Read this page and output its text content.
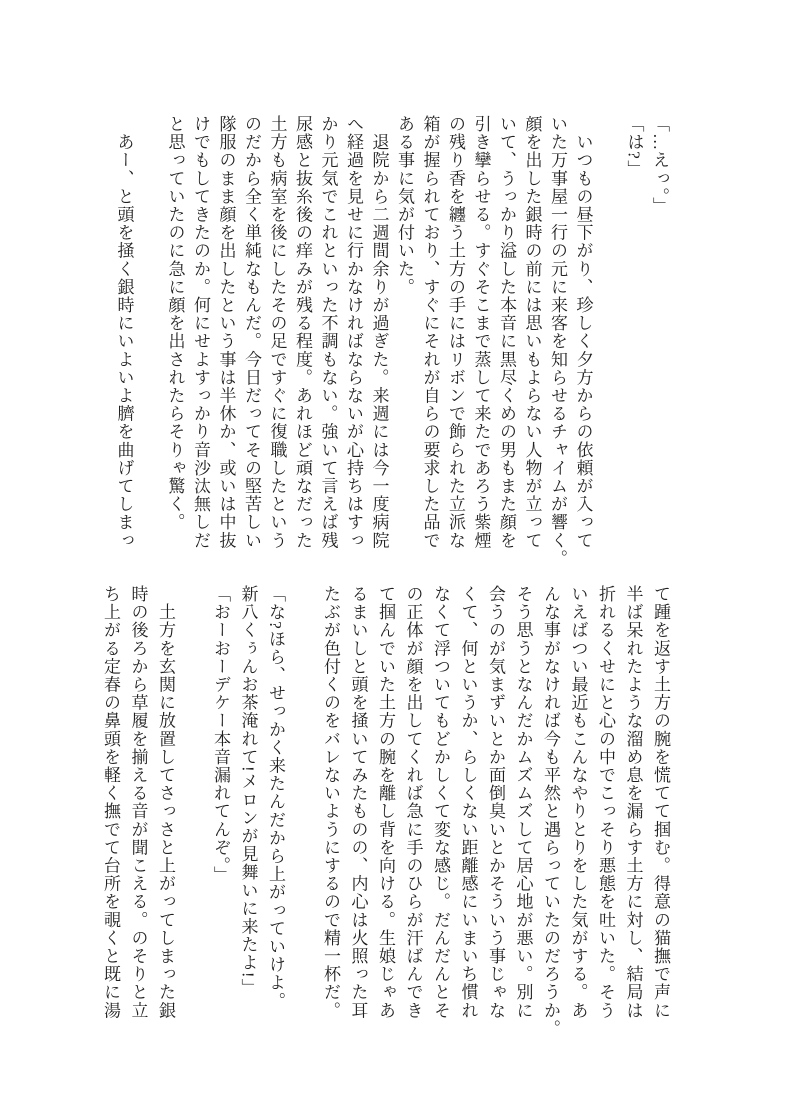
「…えっ。」

「は?」

　いつもの昼下がり、珍しく夕方からの依頼が入って

いた万事屋一行の元に来客を知らせるチャイムが響く。

顔を出した銀時の前には思いもよらない人物が立って

いて、うっかり溢した本音に黒尽くめの男もまた顔を

引き攣らせる。すぐそこまで蒸して来たであろう紫煙

の残り香を纏う土方の手にはリボンで飾られた立派な

箱が握られており、すぐにそれが自らの要求した品で

ある事に気が付いた。

　退院から二週間余りが過ぎた。来週には今一度病院

へ経過を見せに行かなければならないが心持ちはすっ

かり元気でこれといった不調もない。強いて言えば残

尿感と抜糸後の痒みが残る程度。あれほど頑なだった

土方も病室を後にしたその足ですぐに復職したという

のだから全く単純なもんだ。今日だってその堅苦しい

隊服のまま顔を出したという事は半休か、或いは中抜

けでもしてきたのか。何にせよすっかり音沙汰無しだ

と思っていたのに急に顔を出されたらそりゃ驚く。

　あー、と頭を掻く銀時にいよいよ臍を曲げてしまっ

て踵を返す土方の腕を慌てて掴む。得意の猫撫で声に

半ば呆れたような溜め息を漏らす土方に対し、結局は

折れるくせにと心の中でこっそり悪態を吐いた。そう

いえばつい最近もこんなやりとりをした気がする。あ

んな事がなければ今も平然と遇らっていたのだろうか。

そう思うとなんだかムズムズして居心地が悪い。別に

会うのが気まずいとか面倒臭いとかそういう事じゃな

くて、何というか、らしくない距離感にいまいち慣れ

なくて浮ついてもどかしくて変な感じ。だんだんとそ

の正体が顔を出してくれば急に手のひらが汗ばんでき

て掴んでいた土方の腕を離し背を向ける。生娘じゃあ

るまいしと頭を掻いてみたものの、内心は火照った耳

たぶが色付くのをバレないようにするので精一杯だ。

「な?ほら、せっかく来たんだから上がっていけよ。

新八くぅんお茶淹れて!メロンが見舞いに来たよ!」

「おーおーデケー本音漏れてんぞ。」

　土方を玄関に放置してさっさと上がってしまった銀

時の後ろから草履を揃える音が聞こえる。のそりと立

ち上がる定春の鼻頭を軽く撫でて台所を覗くと既に湯
